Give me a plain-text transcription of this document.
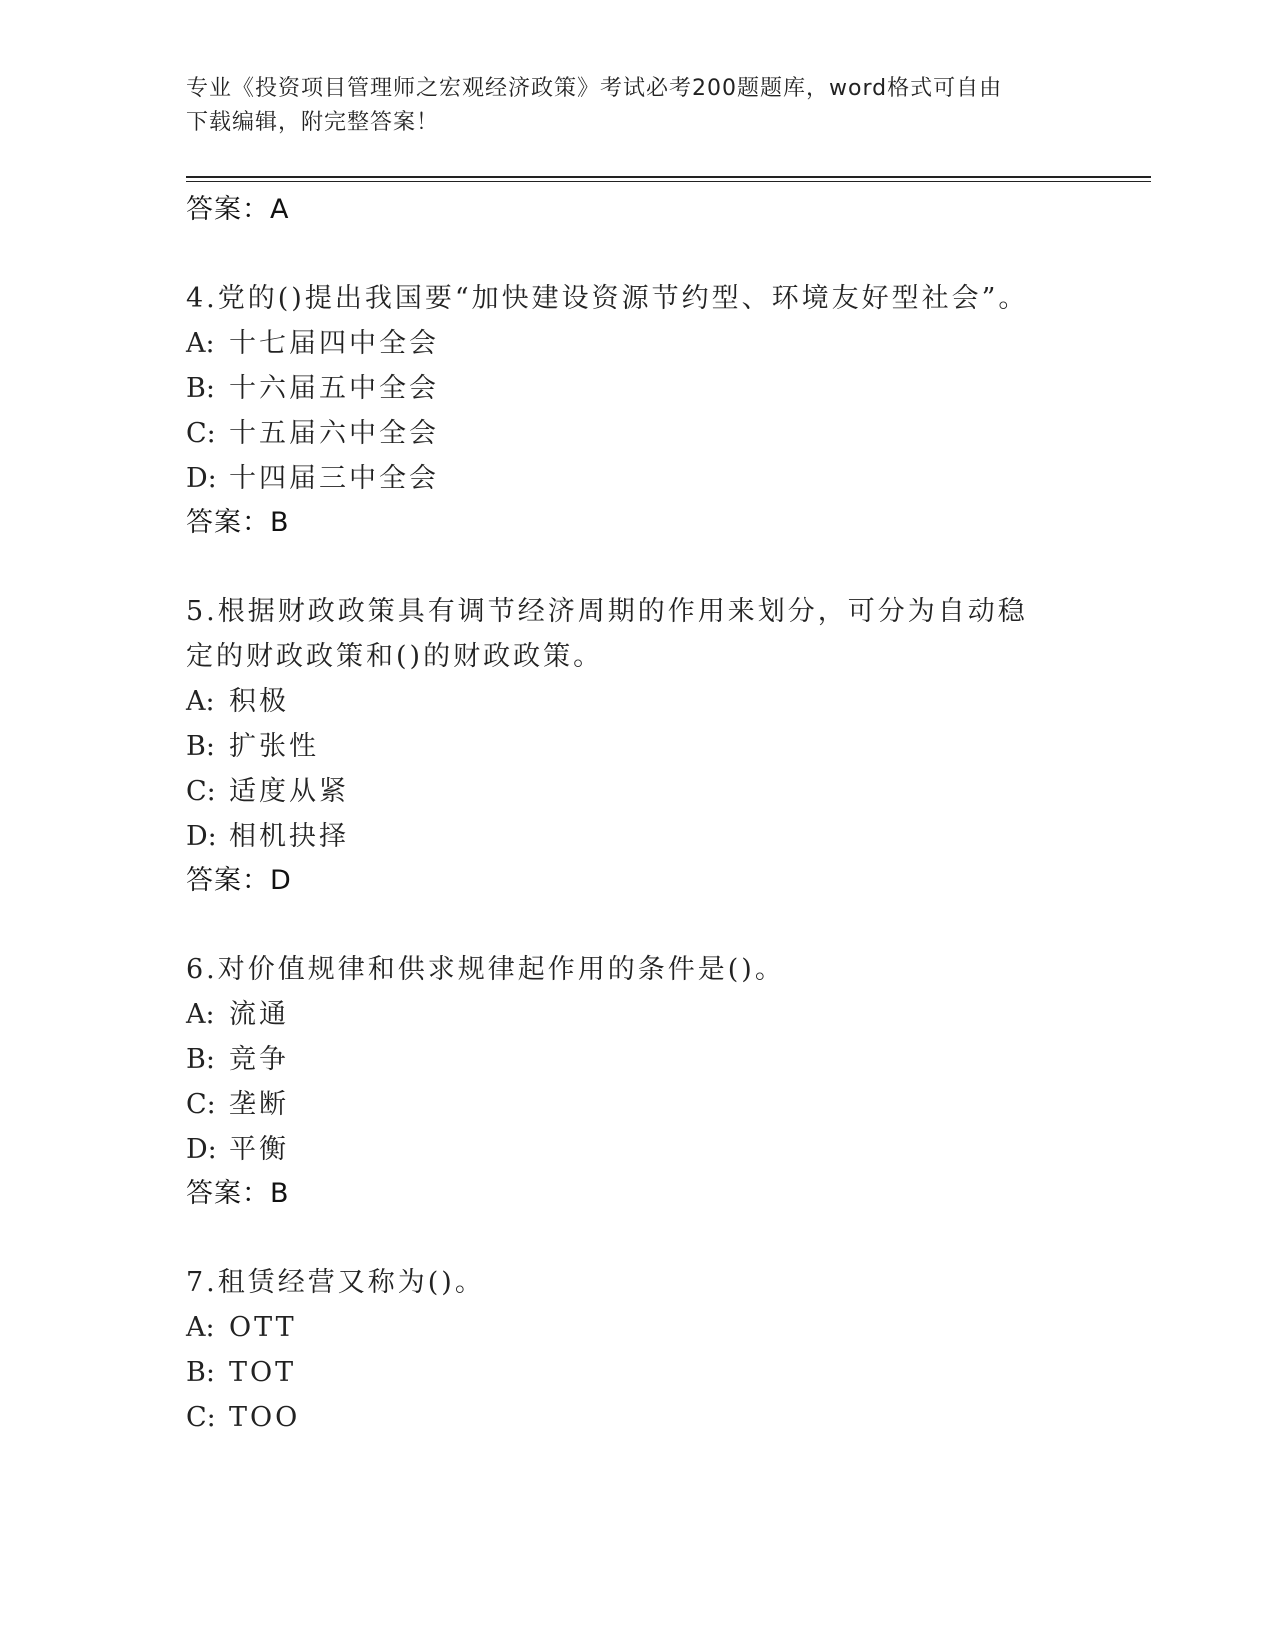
专业《投资项目管理师之宏观经济政策》考试必考200题题库，word格式可自由
下载编辑，附完整答案！
答案：A
4.党的()提出我国要“加快建设资源节约型、环境友好型社会”。
A: 十七届四中全会
B: 十六届五中全会
C: 十五届六中全会
D: 十四届三中全会
答案：B
5.根据财政政策具有调节经济周期的作用来划分，可分为自动稳定的财政政策和()的财政政策。
A: 积极
B: 扩张性
C: 适度从紧
D: 相机抉择
答案：D
6.对价值规律和供求规律起作用的条件是()。
A: 流通
B: 竞争
C: 垄断
D: 平衡
答案：B
7.租赁经营又称为()。
A: OTT
B: TOT
C: TOO
